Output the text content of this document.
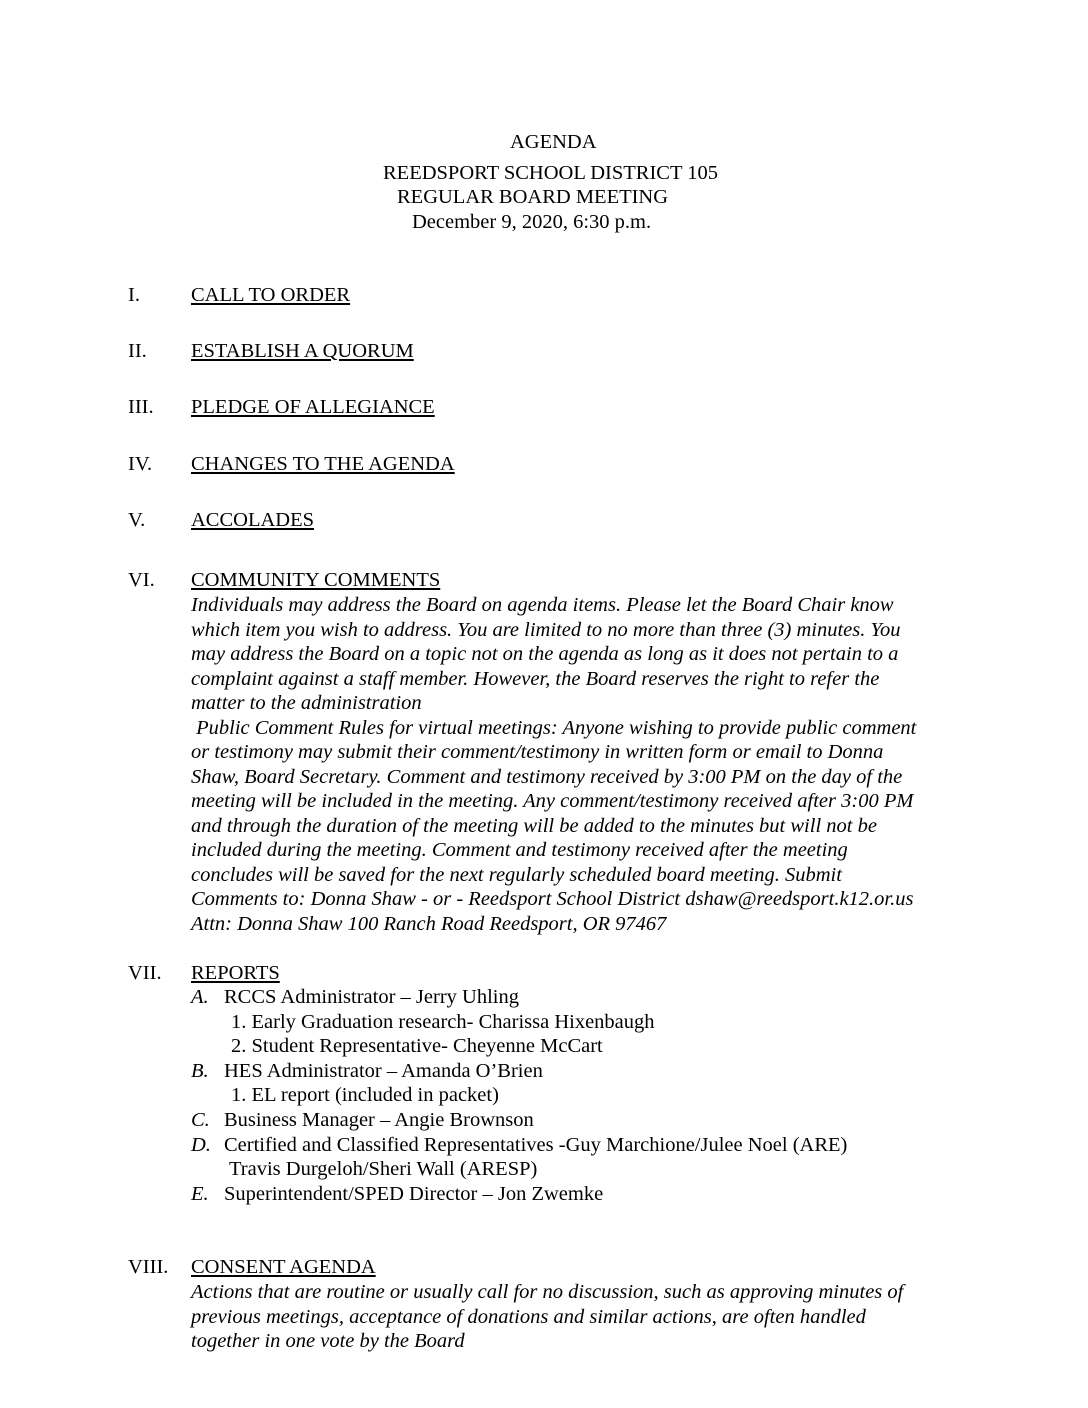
AGENDA
REEDSPORT SCHOOL DISTRICT 105
REGULAR BOARD MEETING
December 9, 2020, 6:30 p.m.
I. CALL TO ORDER
II. ESTABLISH A QUORUM
III. PLEDGE OF ALLEGIANCE
IV. CHANGES TO THE AGENDA
V. ACCOLADES
VI. COMMUNITY COMMENTS

Individuals may address the Board on agenda items. Please let the Board Chair know

which item you wish to address. You are limited to no more than three (3) minutes. You

may address the Board on a topic not on the agenda as long as it does not pertain to a

complaint against a staff member. However, the Board reserves the right to refer the

matter to the administration

Public Comment Rules for virtual meetings: Anyone wishing to provide public comment

or testimony may submit their comment/testimony in written form or email to Donna

Shaw, Board Secretary. Comment and testimony received by 3:00 PM on the day of the

meeting will be included in the meeting. Any comment/testimony received after 3:00 PM

and through the duration of the meeting will be added to the minutes but will not be

included during the meeting. Comment and testimony received after the meeting

concludes will be saved for the next regularly scheduled board meeting. Submit

Comments to: Donna Shaw - or - Reedsport School District dshaw@reedsport.k12.or.us

Attn: Donna Shaw 100 Ranch Road Reedsport, OR 97467

VII. REPORTS
A. RCCS Administrator – Jerry Uhling
1. Early Graduation research- Charissa Hixenbaugh
2. Student Representative- Cheyenne McCart
B. HES Administrator – Amanda O’Brien
1. EL report (included in packet)
C. Business Manager – Angie Brownson
D. Certified and Classified Representatives -Guy Marchione/Julee Noel (ARE)
Travis Durgeloh/Sheri Wall (ARESP)
E. Superintendent/SPED Director – Jon Zwemke
VIII. CONSENT AGENDA

Actions that are routine or usually call for no discussion, such as approving minutes of

previous meetings, acceptance of donations and similar actions, are often handled

together in one vote by the Board
